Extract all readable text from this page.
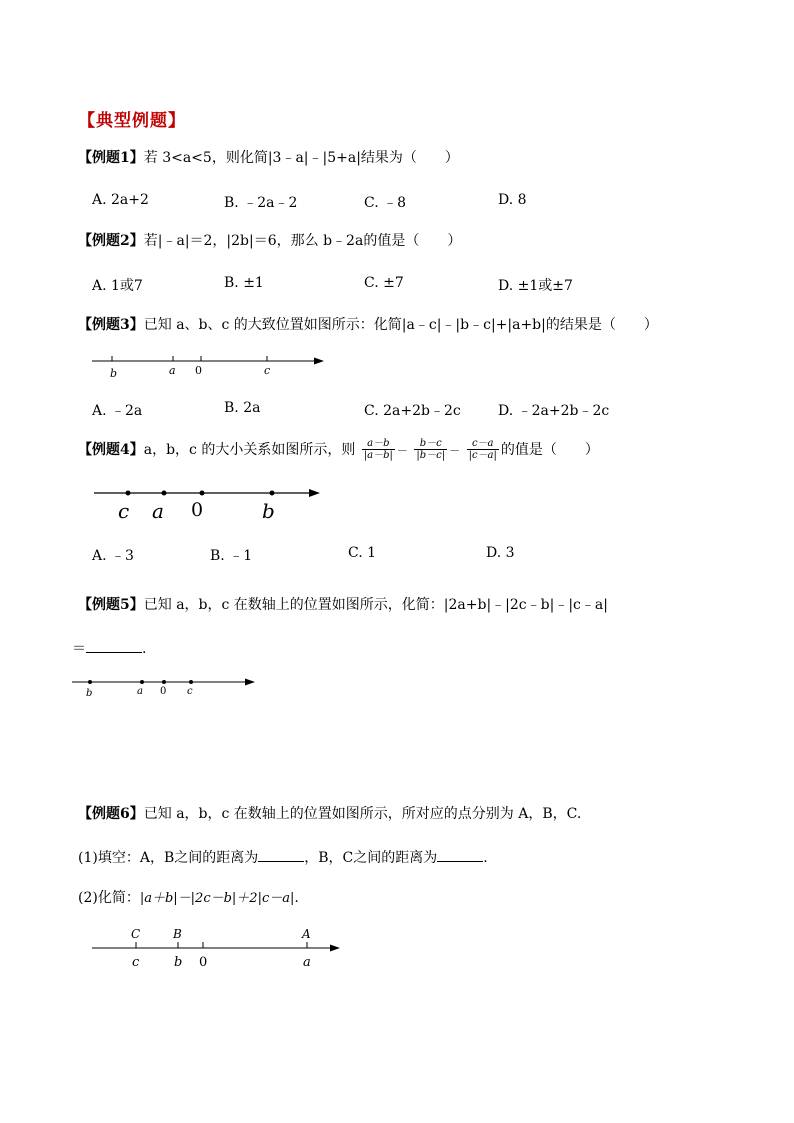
【典型例题】
【例题1】若 3<a<5，则化简|3﹣a|﹣|5+a|结果为（　　）
A. 2a+2	B. ﹣2a﹣2	C. ﹣8	D. 8
【例题2】若|﹣a|＝2，|2b|＝6，那么 b﹣2a的值是（　　）
A. 1或7	B. ±1	C. ±7	D. ±1或±7
【例题3】已知 a、b、c 的大致位置如图所示：化简|a﹣c|﹣|b﹣c|+|a+b|的结果是（　　）
b	a 0	c
A. ﹣2a	B. 2a	C. 2a+2b﹣2c	D. ﹣2a+2b﹣2c
【例题4】a，b，c 的大小关系如图所示，则 $\frac{a-b}{|a-b|} - \frac{b-c}{|b-c|} - \frac{c-a}{|c-a|}$ 的值是（　　）
c a 0	b
A. ﹣3	B. ﹣1	C. 1	D. 3
【例题5】已知 a，b，c 在数轴上的位置如图所示，化简：|2a+b|﹣|2c﹣b|﹣|c﹣a|
＝	.
b	a 0 c
【例题6】已知 a，b，c 在数轴上的位置如图所示，所对应的点分别为 A，B，C.
(1)填空：A，B之间的距离为	，B，C之间的距离为	.
(2)化简：|a＋b|－|2c－b|＋2|c－a|.
C	B	A
c	b 0	a
